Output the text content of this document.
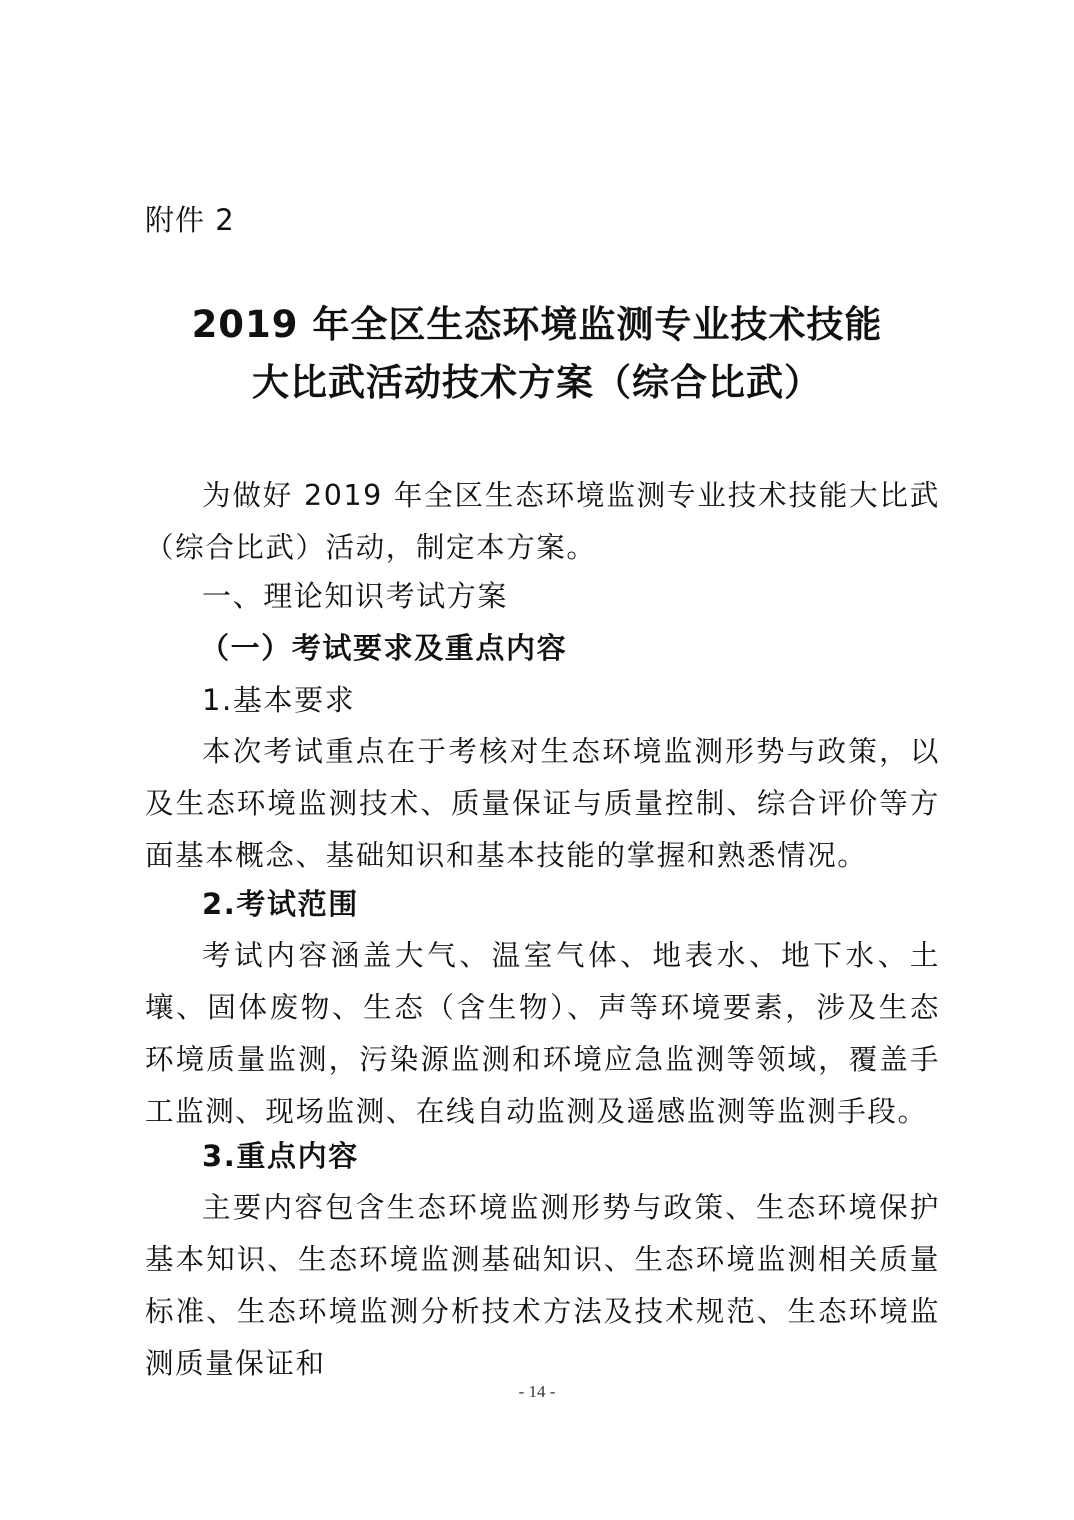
附件 2
2019 年全区生态环境监测专业技术技能
大比武活动技术方案（综合比武）

为做好 2019 年全区生态环境监测专业技术技能大比武（综合比武）活动，制定本方案。

一、理论知识考试方案
（一）考试要求及重点内容
1.基本要求

本次考试重点在于考核对生态环境监测形势与政策，以及生态环境监测技术、质量保证与质量控制、综合评价等方面基本概念、基础知识和基本技能的掌握和熟悉情况。

2.考试范围

考试内容涵盖大气、温室气体、地表水、地下水、土壤、固体废物、生态（含生物）、声等环境要素，涉及生态环境质量监测，污染源监测和环境应急监测等领域，覆盖手工监测、现场监测、在线自动监测及遥感监测等监测手段。

3.重点内容

主要内容包含生态环境监测形势与政策、生态环境保护基本知识、生态环境监测基础知识、生态环境监测相关质量标准、生态环境监测分析技术方法及技术规范、生态环境监测质量保证和

- 14 -
